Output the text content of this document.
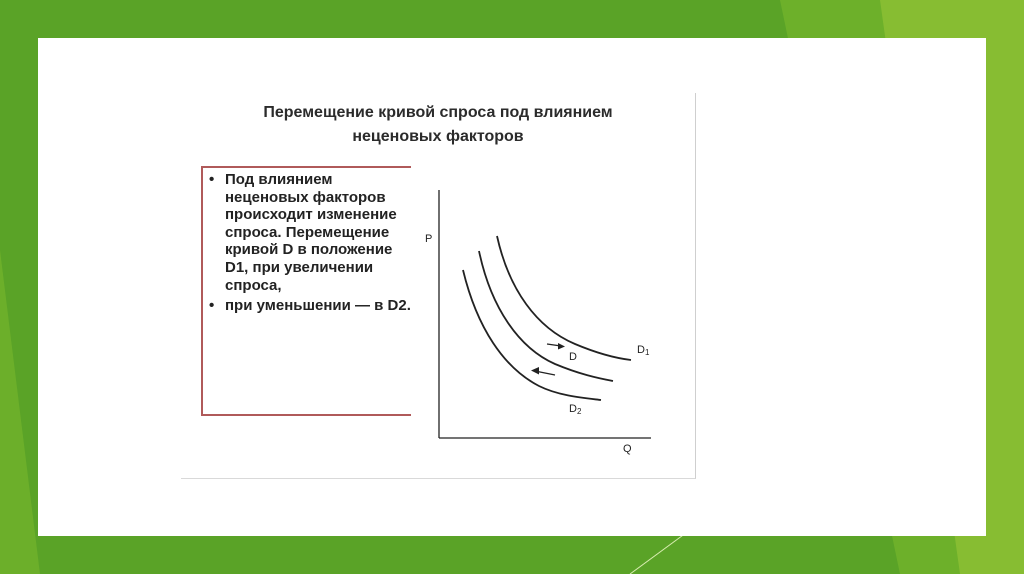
Перемещение кривой спроса под влиянием
неценовых факторов
• Под влиянием неценовых факторов происходит изменение спроса. Перемещение кривой D в положение D1, при увеличении спроса,
• при уменьшении — в D2.
P
Q
D1
D
D2
